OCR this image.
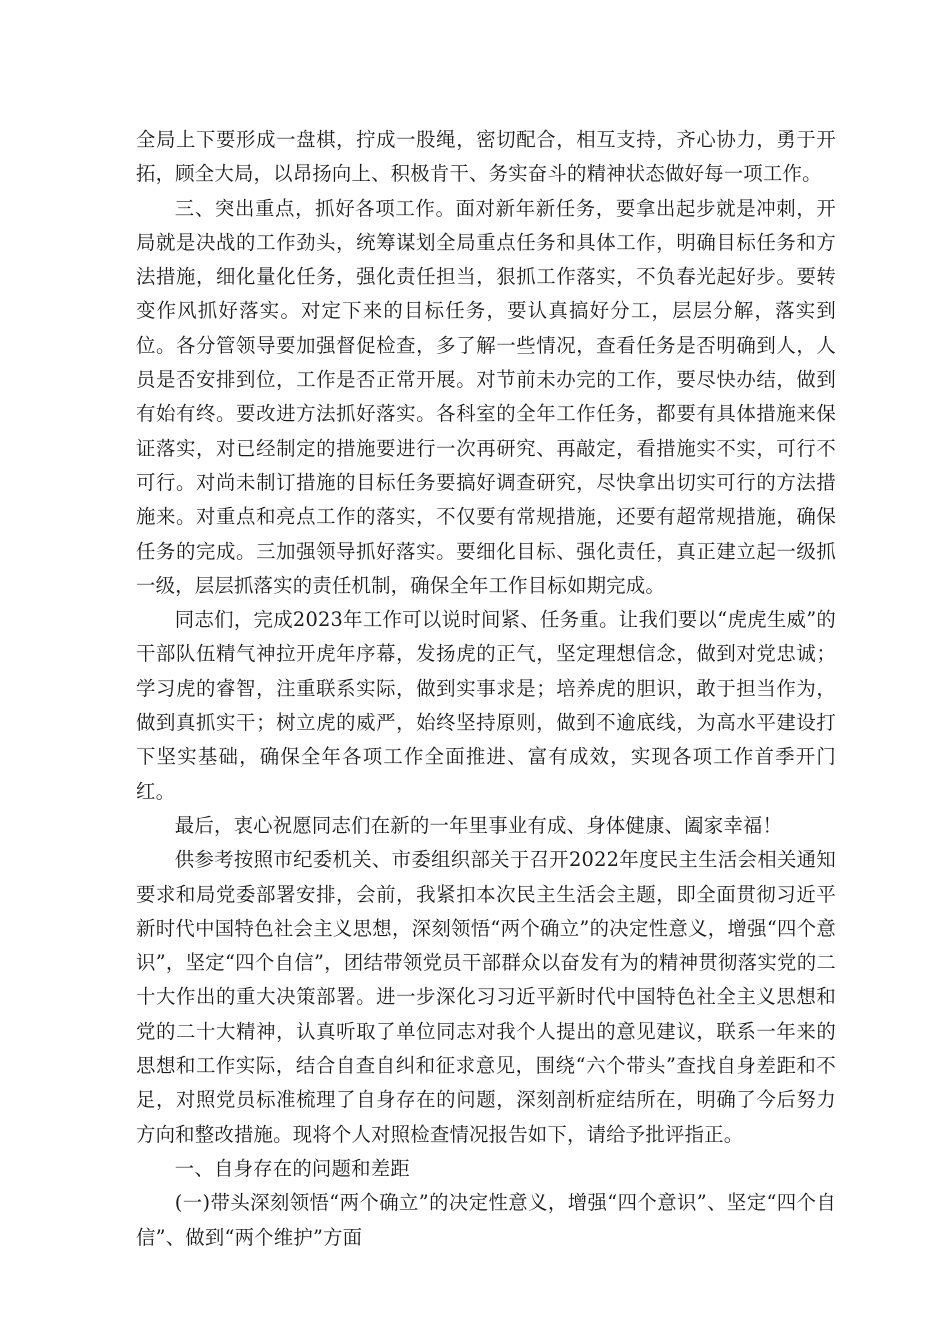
全局上下要形成一盘棋，拧成一股绳，密切配合，相互支持，齐心协力，勇于开拓，顾全大局，以昂扬向上、积极肯干、务实奋斗的精神状态做好每一项工作。

三、突出重点，抓好各项工作。面对新年新任务，要拿出起步就是冲刺，开局就是决战的工作劲头，统筹谋划全局重点任务和具体工作，明确目标任务和方法措施，细化量化任务，强化责任担当，狠抓工作落实，不负春光起好步。要转变作风抓好落实。对定下来的目标任务，要认真搞好分工，层层分解，落实到位。各分管领导要加强督促检查，多了解一些情况，查看任务是否明确到人，人员是否安排到位，工作是否正常开展。对节前未办完的工作，要尽快办结，做到有始有终。要改进方法抓好落实。各科室的全年工作任务，都要有具体措施来保证落实，对已经制定的措施要进行一次再研究、再敲定，看措施实不实，可行不可行。对尚未制订措施的目标任务要搞好调查研究，尽快拿出切实可行的方法措施来。对重点和亮点工作的落实，不仅要有常规措施，还要有超常规措施，确保任务的完成。三加强领导抓好落实。要细化目标、强化责任，真正建立起一级抓一级，层层抓落实的责任机制，确保全年工作目标如期完成。

同志们，完成2023年工作可以说时间紧、任务重。让我们要以“虎虎生威”的干部队伍精气神拉开虎年序幕，发扬虎的正气，坚定理想信念，做到对党忠诚；学习虎的睿智，注重联系实际，做到实事求是；培养虎的胆识，敢于担当作为，做到真抓实干；树立虎的威严，始终坚持原则，做到不逾底线，为高水平建设打下坚实基础，确保全年各项工作全面推进、富有成效，实现各项工作首季开门红。

最后，衷心祝愿同志们在新的一年里事业有成、身体健康、阖家幸福！

供参考按照市纪委机关、市委组织部关于召开2022年度民主生活会相关通知要求和局党委部署安排，会前，我紧扣本次民主生活会主题，即全面贯彻习近平新时代中国特色社会主义思想，深刻领悟“两个确立”的决定性意义，增强“四个意识”，坚定“四个自信”，团结带领党员干部群众以奋发有为的精神贯彻落实党的二十大作出的重大决策部署。进一步深化习习近平新时代中国特色社全主义思想和党的二十大精神，认真听取了单位同志对我个人提出的意见建议，联系一年来的思想和工作实际，结合自查自纠和征求意见，围绕“六个带头”查找自身差距和不足，对照党员标准梳理了自身存在的问题，深刻剖析症结所在，明确了今后努力方向和整改措施。现将个人对照检查情况报告如下，请给予批评指正。

一、自身存在的问题和差距

(一)带头深刻领悟“两个确立”的决定性意义，增强“四个意识”、坚定“四个自信”、做到“两个维护”方面
